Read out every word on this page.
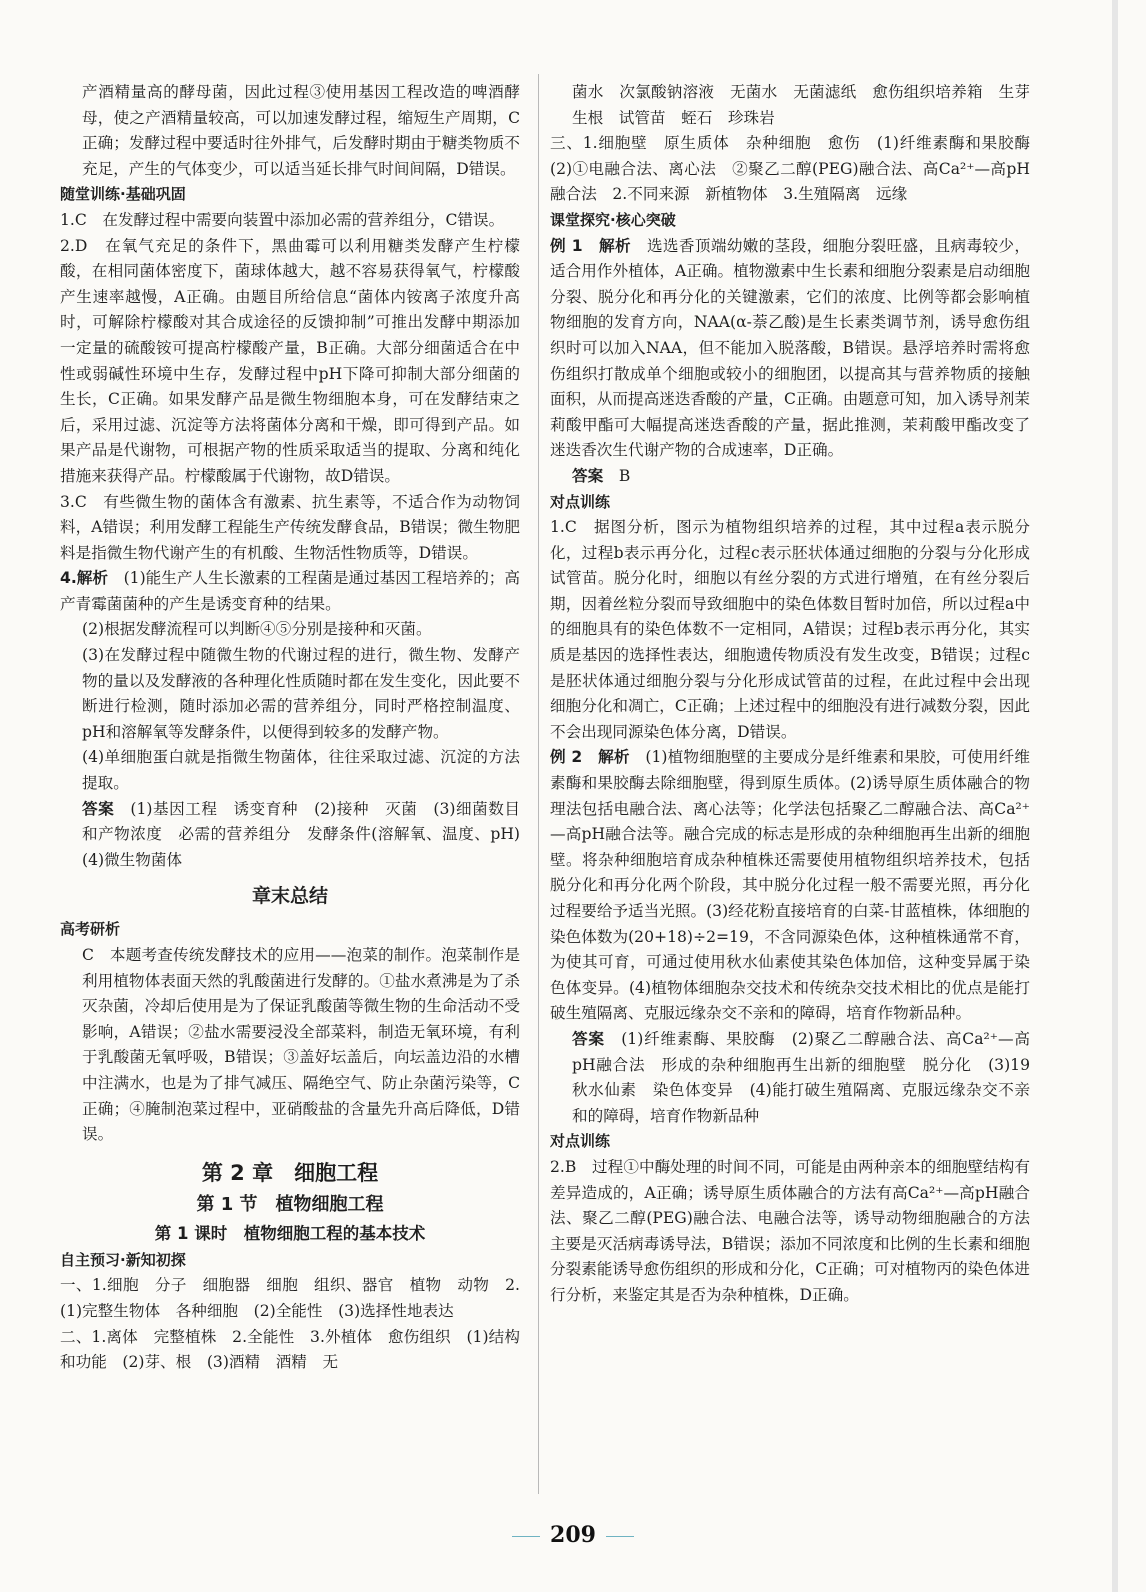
产酒精量高的酵母菌，因此过程③使用基因工程改造的啤酒酵母，使之产酒精量较高，可以加速发酵过程，缩短生产周期，C正确；发酵过程中要适时往外排气，后发酵时期由于糖类物质不充足，产生的气体变少，可以适当延长排气时间间隔，D错误。

随堂训练·基础巩固

1.C　在发酵过程中需要向装置中添加必需的营养组分，C错误。

2.D　在氧气充足的条件下，黑曲霉可以利用糖类发酵产生柠檬酸，在相同菌体密度下，菌球体越大，越不容易获得氧气，柠檬酸产生速率越慢，A正确。由题目所给信息“菌体内铵离子浓度升高时，可解除柠檬酸对其合成途径的反馈抑制”可推出发酵中期添加一定量的硫酸铵可提高柠檬酸产量，B正确。大部分细菌适合在中性或弱碱性环境中生存，发酵过程中pH下降可抑制大部分细菌的生长，C正确。如果发酵产品是微生物细胞本身，可在发酵结束之后，采用过滤、沉淀等方法将菌体分离和干燥，即可得到产品。如果产品是代谢物，可根据产物的性质采取适当的提取、分离和纯化措施来获得产品。柠檬酸属于代谢物，故D错误。

3.C　有些微生物的菌体含有激素、抗生素等，不适合作为动物饲料，A错误；利用发酵工程能生产传统发酵食品，B错误；微生物肥料是指微生物代谢产生的有机酸、生物活性物质等，D错误。

4.解析　 (1)能生产人生长激素的工程菌是通过基因工程培养的；高产青霉菌菌种的产生是诱变育种的结果。

(2)根据发酵流程可以判断④⑤分别是接种和灭菌。

(3)在发酵过程中随微生物的代谢过程的进行，微生物、发酵产物的量以及发酵液的各种理化性质随时都在发生变化，因此要不断进行检测，随时添加必需的营养组分，同时严格控制温度、pH和溶解氧等发酵条件，以便得到较多的发酵产物。

(4)单细胞蛋白就是指微生物菌体，往往采取过滤、沉淀的方法提取。

答案　 (1)基因工程　诱变育种　(2)接种　灭菌　(3)细菌数目和产物浓度　必需的营养组分　发酵条件(溶解氧、温度、pH)　(4)微生物菌体

章末总结

高考研析

C　本题考查传统发酵技术的应用——泡菜的制作。泡菜制作是利用植物体表面天然的乳酸菌进行发酵的。①盐水煮沸是为了杀灭杂菌，冷却后使用是为了保证乳酸菌等微生物的生命活动不受影响，A错误；②盐水需要浸没全部菜料，制造无氧环境，有利于乳酸菌无氧呼吸，B错误；③盖好坛盖后，向坛盖边沿的水槽中注满水，也是为了排气减压、隔绝空气、防止杂菌污染等，C正确；④腌制泡菜过程中，亚硝酸盐的含量先升高后降低，D错误。

第 2 章　细胞工程

第 1 节　植物细胞工程

第 1 课时　植物细胞工程的基本技术

自主预习·新知初探

一、1.细胞　分子　细胞器　细胞　组织、器官　植物　动物　2.(1)完整生物体　各种细胞　(2)全能性　(3)选择性地表达

二、1.离体　完整植株　2.全能性　3.外植体　愈伤组织　(1)结构和功能　(2)芽、根　(3)酒精　酒精　无

菌水　次氯酸钠溶液　无菌水　无菌滤纸　愈伤组织培养箱　生芽　生根　试管苗　蛭石　珍珠岩

三、1.细胞壁　原生质体　杂种细胞　愈伤　(1)纤维素酶和果胶酶　(2)①电融合法、离心法　②聚乙二醇(PEG)融合法、高Ca²⁺—高pH融合法　2.不同来源　新植物体　3.生殖隔离　远缘

课堂探究·核心突破

例 1　解析　 选选香顶端幼嫩的茎段，细胞分裂旺盛，且病毒较少，适合用作外植体，A正确。植物激素中生长素和细胞分裂素是启动细胞分裂、脱分化和再分化的关键激素，它们的浓度、比例等都会影响植物细胞的发育方向，NAA(α-萘乙酸)是生长素类调节剂，诱导愈伤组织时可以加入NAA，但不能加入脱落酸，B错误。悬浮培养时需将愈伤组织打散成单个细胞或较小的细胞团，以提高其与营养物质的接触面积，从而提高迷迭香酸的产量，C正确。由题意可知，加入诱导剂茉莉酸甲酯可大幅提高迷迭香酸的产量，据此推测，茉莉酸甲酯改变了迷迭香次生代谢产物的合成速率，D正确。

答案　 B

对点训练

1.C　据图分析，图示为植物组织培养的过程，其中过程a表示脱分化，过程b表示再分化，过程c表示胚状体通过细胞的分裂与分化形成试管苗。脱分化时，细胞以有丝分裂的方式进行增殖，在有丝分裂后期，因着丝粒分裂而导致细胞中的染色体数目暂时加倍，所以过程a中的细胞具有的染色体数不一定相同，A错误；过程b表示再分化，其实质是基因的选择性表达，细胞遗传物质没有发生改变，B错误；过程c是胚状体通过细胞分裂与分化形成试管苗的过程，在此过程中会出现细胞分化和凋亡，C正确；上述过程中的细胞没有进行减数分裂，因此不会出现同源染色体分离，D错误。

例 2　解析　 (1)植物细胞壁的主要成分是纤维素和果胶，可使用纤维素酶和果胶酶去除细胞壁，得到原生质体。(2)诱导原生质体融合的物理法包括电融合法、离心法等；化学法包括聚乙二醇融合法、高Ca²⁺—高pH融合法等。融合完成的标志是形成的杂种细胞再生出新的细胞壁。将杂种细胞培育成杂种植株还需要使用植物组织培养技术，包括脱分化和再分化两个阶段，其中脱分化过程一般不需要光照，再分化过程要给予适当光照。(3)经花粉直接培育的白菜-甘蓝植株，体细胞的染色体数为(20+18)÷2=19，不含同源染色体，这种植株通常不育，为使其可育，可通过使用秋水仙素使其染色体加倍，这种变异属于染色体变异。(4)植物体细胞杂交技术和传统杂交技术相比的优点是能打破生殖隔离、克服远缘杂交不亲和的障碍，培育作物新品种。

答案　 (1)纤维素酶、果胶酶　(2)聚乙二醇融合法、高Ca²⁺—高pH融合法　形成的杂种细胞再生出新的细胞壁　脱分化　(3)19　秋水仙素　染色体变异　(4)能打破生殖隔离、克服远缘杂交不亲和的障碍，培育作物新品种

对点训练

2.B　过程①中酶处理的时间不同，可能是由两种亲本的细胞壁结构有差异造成的，A正确；诱导原生质体融合的方法有高Ca²⁺—高pH融合法、聚乙二醇(PEG)融合法、电融合法等，诱导动物细胞融合的方法主要是灭活病毒诱导法，B错误；添加不同浓度和比例的生长素和细胞分裂素能诱导愈伤组织的形成和分化，C正确；可对植物丙的染色体进行分析，来鉴定其是否为杂种植株，D正确。

209
